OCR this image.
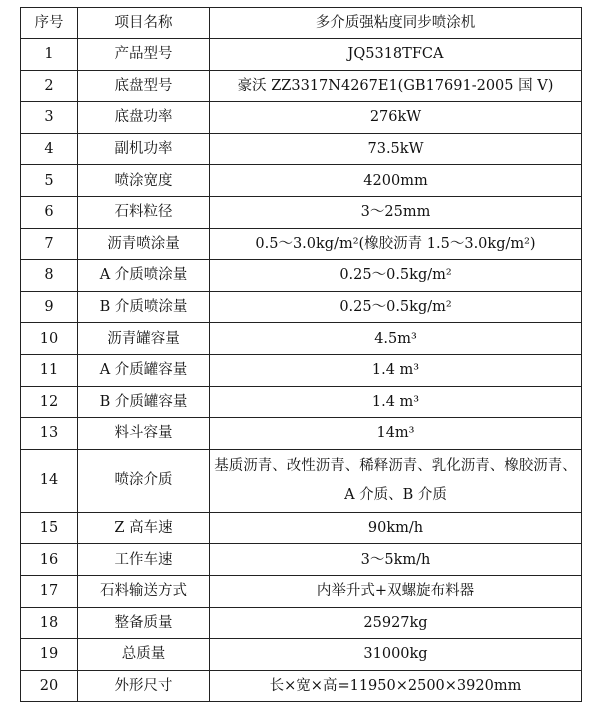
序号	项目名称	多介质强粘度同步喷涂机
1	产品型号	JQ5318TFCA
2	底盘型号	豪沃 ZZ3317N4267E1(GB17691-2005 国 V)
3	底盘功率	276kW
4	副机功率	73.5kW
5	喷涂宽度	4200mm
6	石料粒径	3～25mm
7	沥青喷涂量	0.5～3.0kg/m²(橡胶沥青 1.5～3.0kg/m²)
8	A 介质喷涂量	0.25～0.5kg/m²
9	B 介质喷涂量	0.25～0.5kg/m²
10	沥青罐容量	4.5m³
11	A 介质罐容量	1.4 m³
12	B 介质罐容量	1.4 m³
13	料斗容量	14m³
14	喷涂介质	基质沥青、改性沥青、稀释沥青、乳化沥青、橡胶沥青、A 介质、B 介质
15	Z 高车速	90km/h
16	工作车速	3～5km/h
17	石料输送方式	内举升式+双螺旋布料器
18	整备质量	25927kg
19	总质量	31000kg
20	外形尺寸	长×宽×高=11950×2500×3920mm
